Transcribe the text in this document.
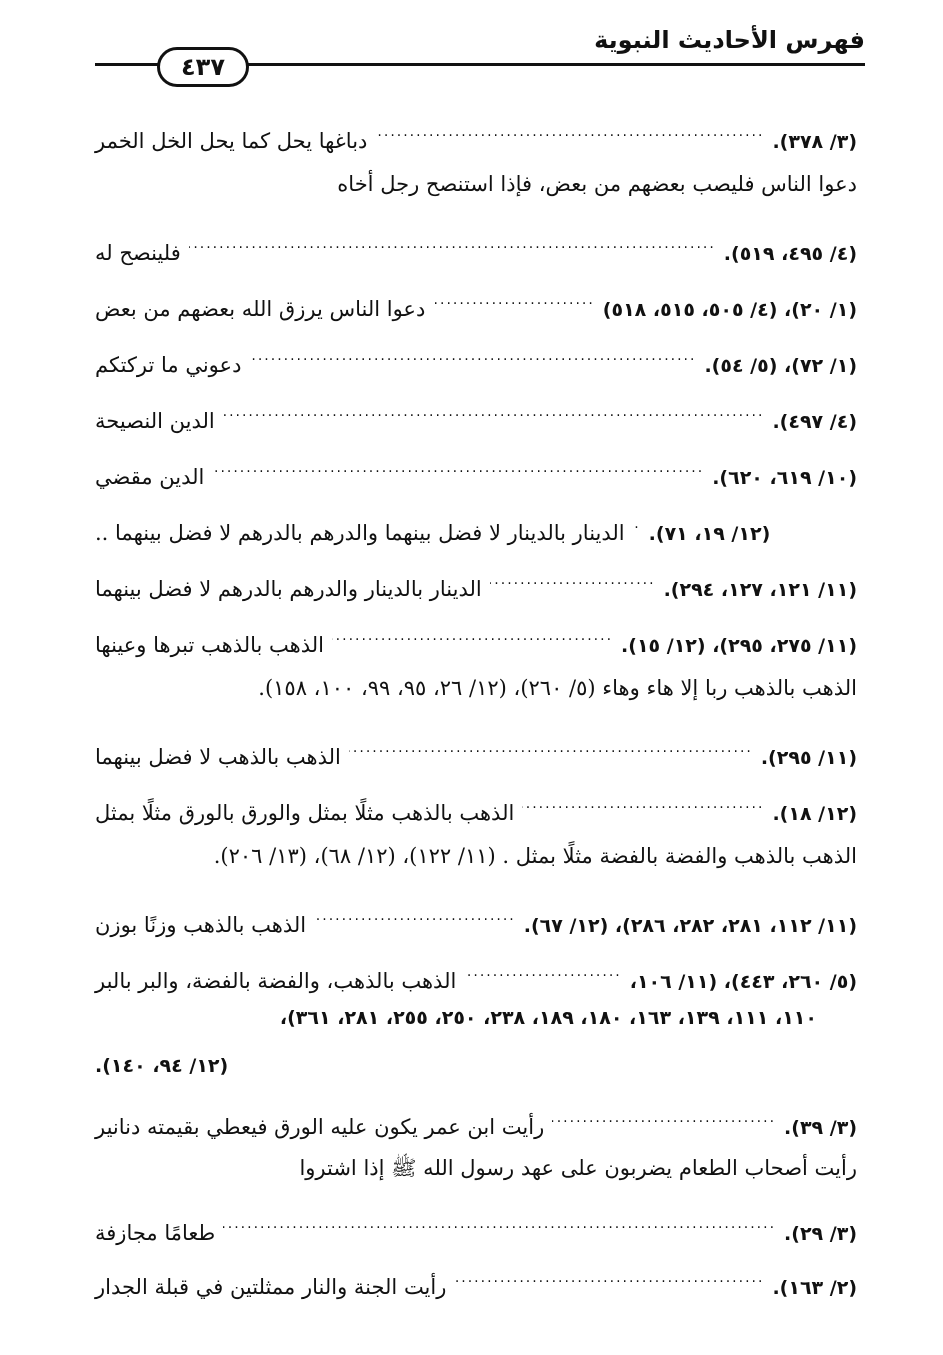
فهرس الأحاديث النبوية
٤٣٧
دباغها يحل كما يحل الخل الخمر .....	(٣/ ٣٧٨).
دعوا الناس فليصب بعضهم من بعض، فإذا استنصح رجل أخاه
فلينصح له .....	(٤/ ٤٩٥، ٥١٩).
دعوا الناس يرزق الله بعضهم من بعض .....	(١/ ٢٠)، (٤/ ٥٠٥، ٥١٥، ٥١٨)
دعوني ما تركتكم .....	(١/ ٧٢)، (٥/ ٥٤).
الدين النصيحة .....	(٤/ ٤٩٧).
الدين مقضي .....	(١٠/ ٦١٩، ٦٢٠).
الدينار بالدينار لا فضل بينهما والدرهم بالدرهم لا فضل بينهما .. ..... (١٢/ ١٩، ٧١).
الدينار بالدينار والدرهم بالدرهم لا فضل بينهما .....	(١١/ ١٢١، ١٢٧، ٢٩٤).
الذهب بالذهب تبرها وعينها .....	(١١/ ٢٧٥، ٢٩٥)، (١٢/ ١٥).
الذهب بالذهب ربا إلا هاء وهاء (٥/ ٢٦٠)، (١٢/ ٢٦، ٩٥، ٩٩، ١٠٠، ١٥٨).
الذهب بالذهب لا فضل بينهما .....	(١١/ ٢٩٥).
الذهب بالذهب مثلًا بمثل والورق بالورق مثلًا بمثل .....	(١٢/ ١٨).
الذهب بالذهب والفضة بالفضة مثلًا بمثل . (١١/ ١٢٢)، (١٢/ ٦٨)، (١٣/ ٢٠٦).
الذهب بالذهب وزنًا بوزن .....	(١١/ ١١٢، ٢٨١، ٢٨٢، ٢٨٦)، (١٢/ ٦٧).
الذهب بالذهب، والفضة بالفضة، والبر بالبر .....	(٥/ ٢٦٠، ٤٤٣)، (١١/ ١٠٦،
١١٠، ١١١، ١٣٩، ١٦٣، ١٨٠، ١٨٩، ٢٣٨، ٢٥٠، ٢٥٥، ٢٨١، ٣٦١)،
(١٢/ ٩٤، ١٤٠).
رأيت ابن عمر يكون عليه الورق فيعطي بقيمته دنانير .....	(٣/ ٣٩).
رأيت أصحاب الطعام يضربون على عهد رسول الله ﷺ إذا اشتروا
طعامًا مجازفة .....	(٣/ ٢٩).
رأيت الجنة والنار ممثلتين في قبلة الجدار .....	(٢/ ١٦٣).
